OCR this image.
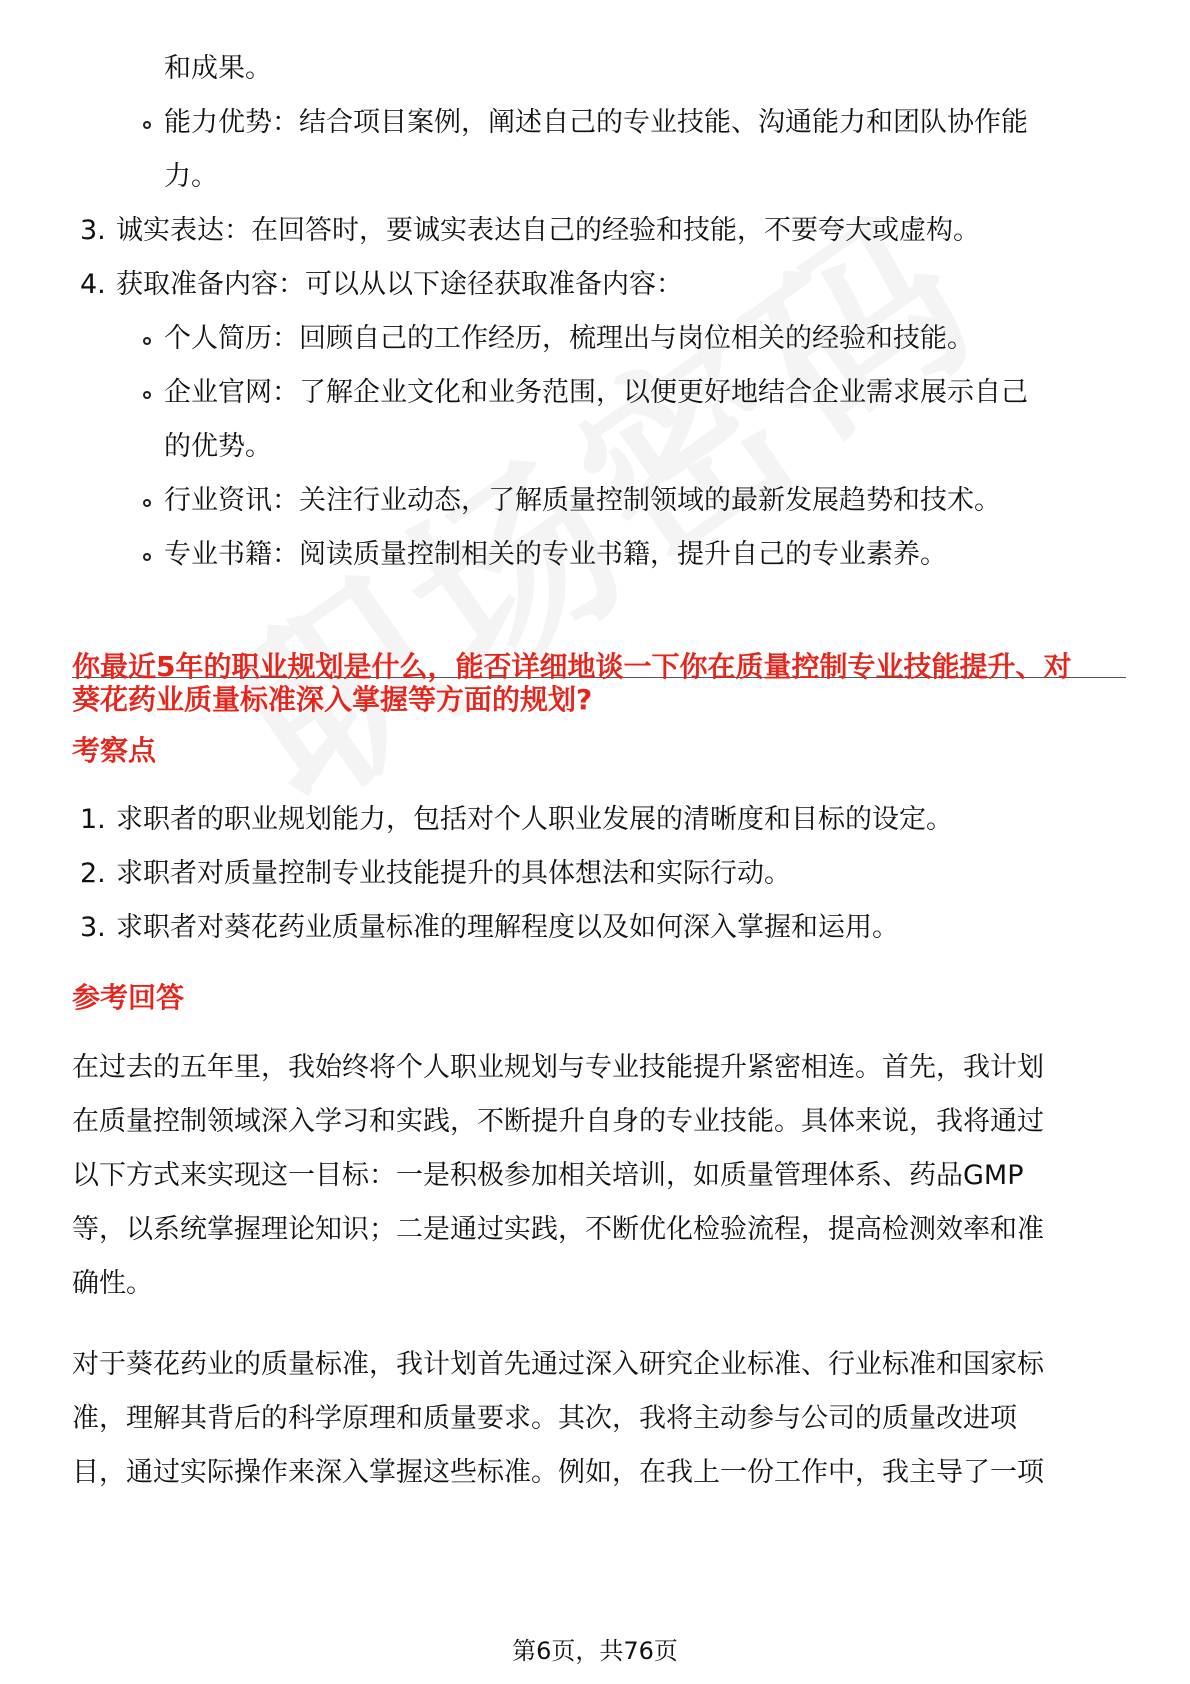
和成果。
能力优势：结合项目案例，阐述自己的专业技能、沟通能力和团队协作能
力。
3. 诚实表达：在回答时，要诚实表达自己的经验和技能，不要夸大或虚构。
4. 获取准备内容：可以从以下途径获取准备内容：
个人简历：回顾自己的工作经历，梳理出与岗位相关的经验和技能。
企业官网：了解企业文化和业务范围，以便更好地结合企业需求展示自己
的优势。
行业资讯：关注行业动态，了解质量控制领域的最新发展趋势和技术。
专业书籍：阅读质量控制相关的专业书籍，提升自己的专业素养。
你最近5年的职业规划是什么，能否详细地谈一下你在质量控制专业技能提升、对
葵花药业质量标准深入掌握等方面的规划?
考察点
1. 求职者的职业规划能力，包括对个人职业发展的清晰度和目标的设定。
2. 求职者对质量控制专业技能提升的具体想法和实际行动。
3. 求职者对葵花药业质量标准的理解程度以及如何深入掌握和运用。
参考回答
在过去的五年里，我始终将个人职业规划与专业技能提升紧密相连。首先，我计划
在质量控制领域深入学习和实践，不断提升自身的专业技能。具体来说，我将通过
以下方式来实现这一目标：一是积极参加相关培训，如质量管理体系、药品GMP
等，以系统掌握理论知识；二是通过实践，不断优化检验流程，提高检测效率和准
确性。
对于葵花药业的质量标准，我计划首先通过深入研究企业标准、行业标准和国家标
准，理解其背后的科学原理和质量要求。其次，我将主动参与公司的质量改进项
目，通过实际操作来深入掌握这些标准。例如，在我上一份工作中，我主导了一项
第6页，共76页
